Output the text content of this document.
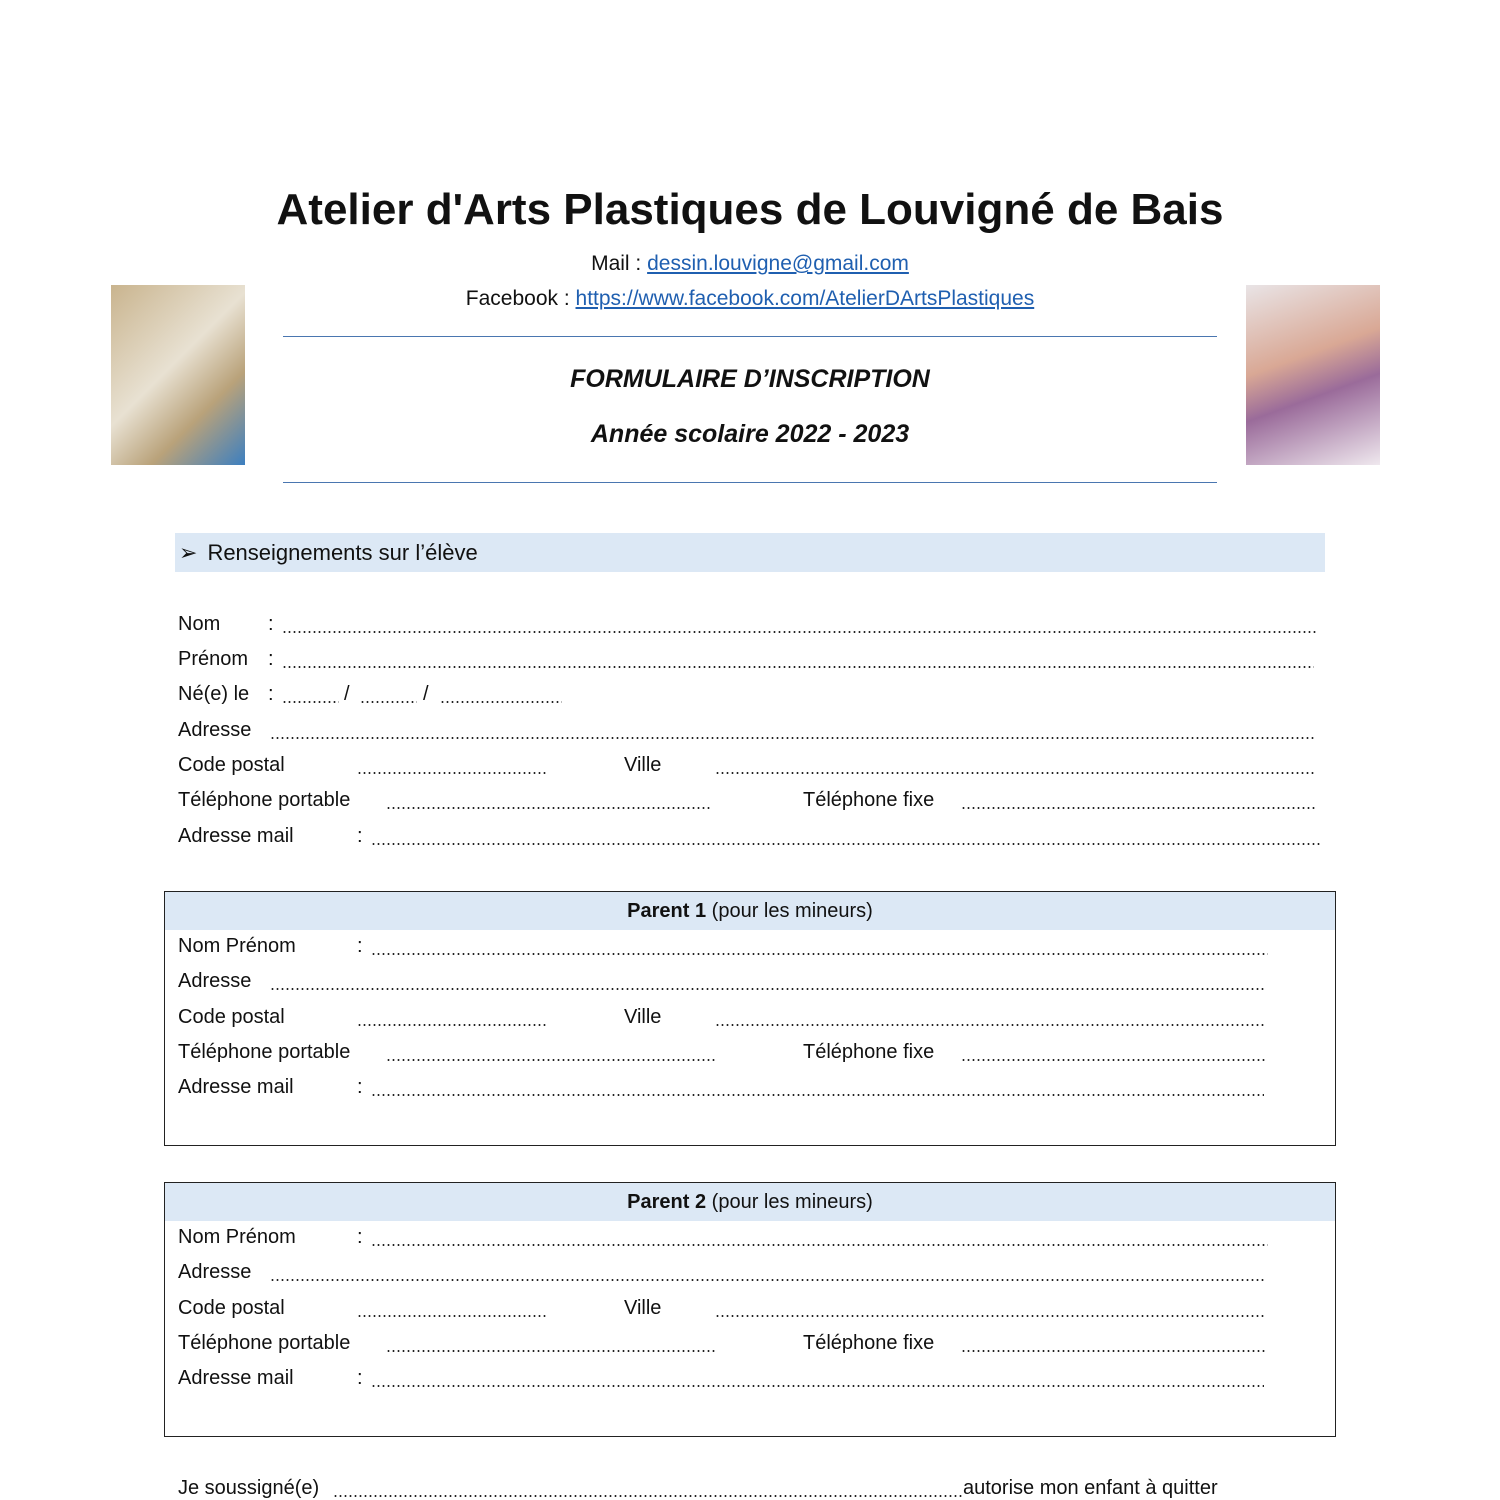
Atelier d'Arts Plastiques de Louvigné de Bais
Mail : dessin.louvigne@gmail.com
Facebook : https://www.facebook.com/AtelierDArtsPlastiques
FORMULAIRE D’INSCRIPTION
Année scolaire 2022 - 2023
➢ Renseignements sur l’élève
Nom :
Prénom :
Né(e) le :	/	/
Adresse
Code postal	Ville
Téléphone portable	Téléphone fixe
Adresse mail	:
Parent 1 (pour les mineurs)
Parent 2 (pour les mineurs)
Nom Prénom	:
Adresse
Code postal	Ville
Téléphone portable	Téléphone fixe
Adresse mail	:
Nom Prénom	:
Adresse
Code postal	Ville
Téléphone portable	Téléphone fixe
Adresse mail	:
Je soussigné(e)	autorise mon enfant à quitter
